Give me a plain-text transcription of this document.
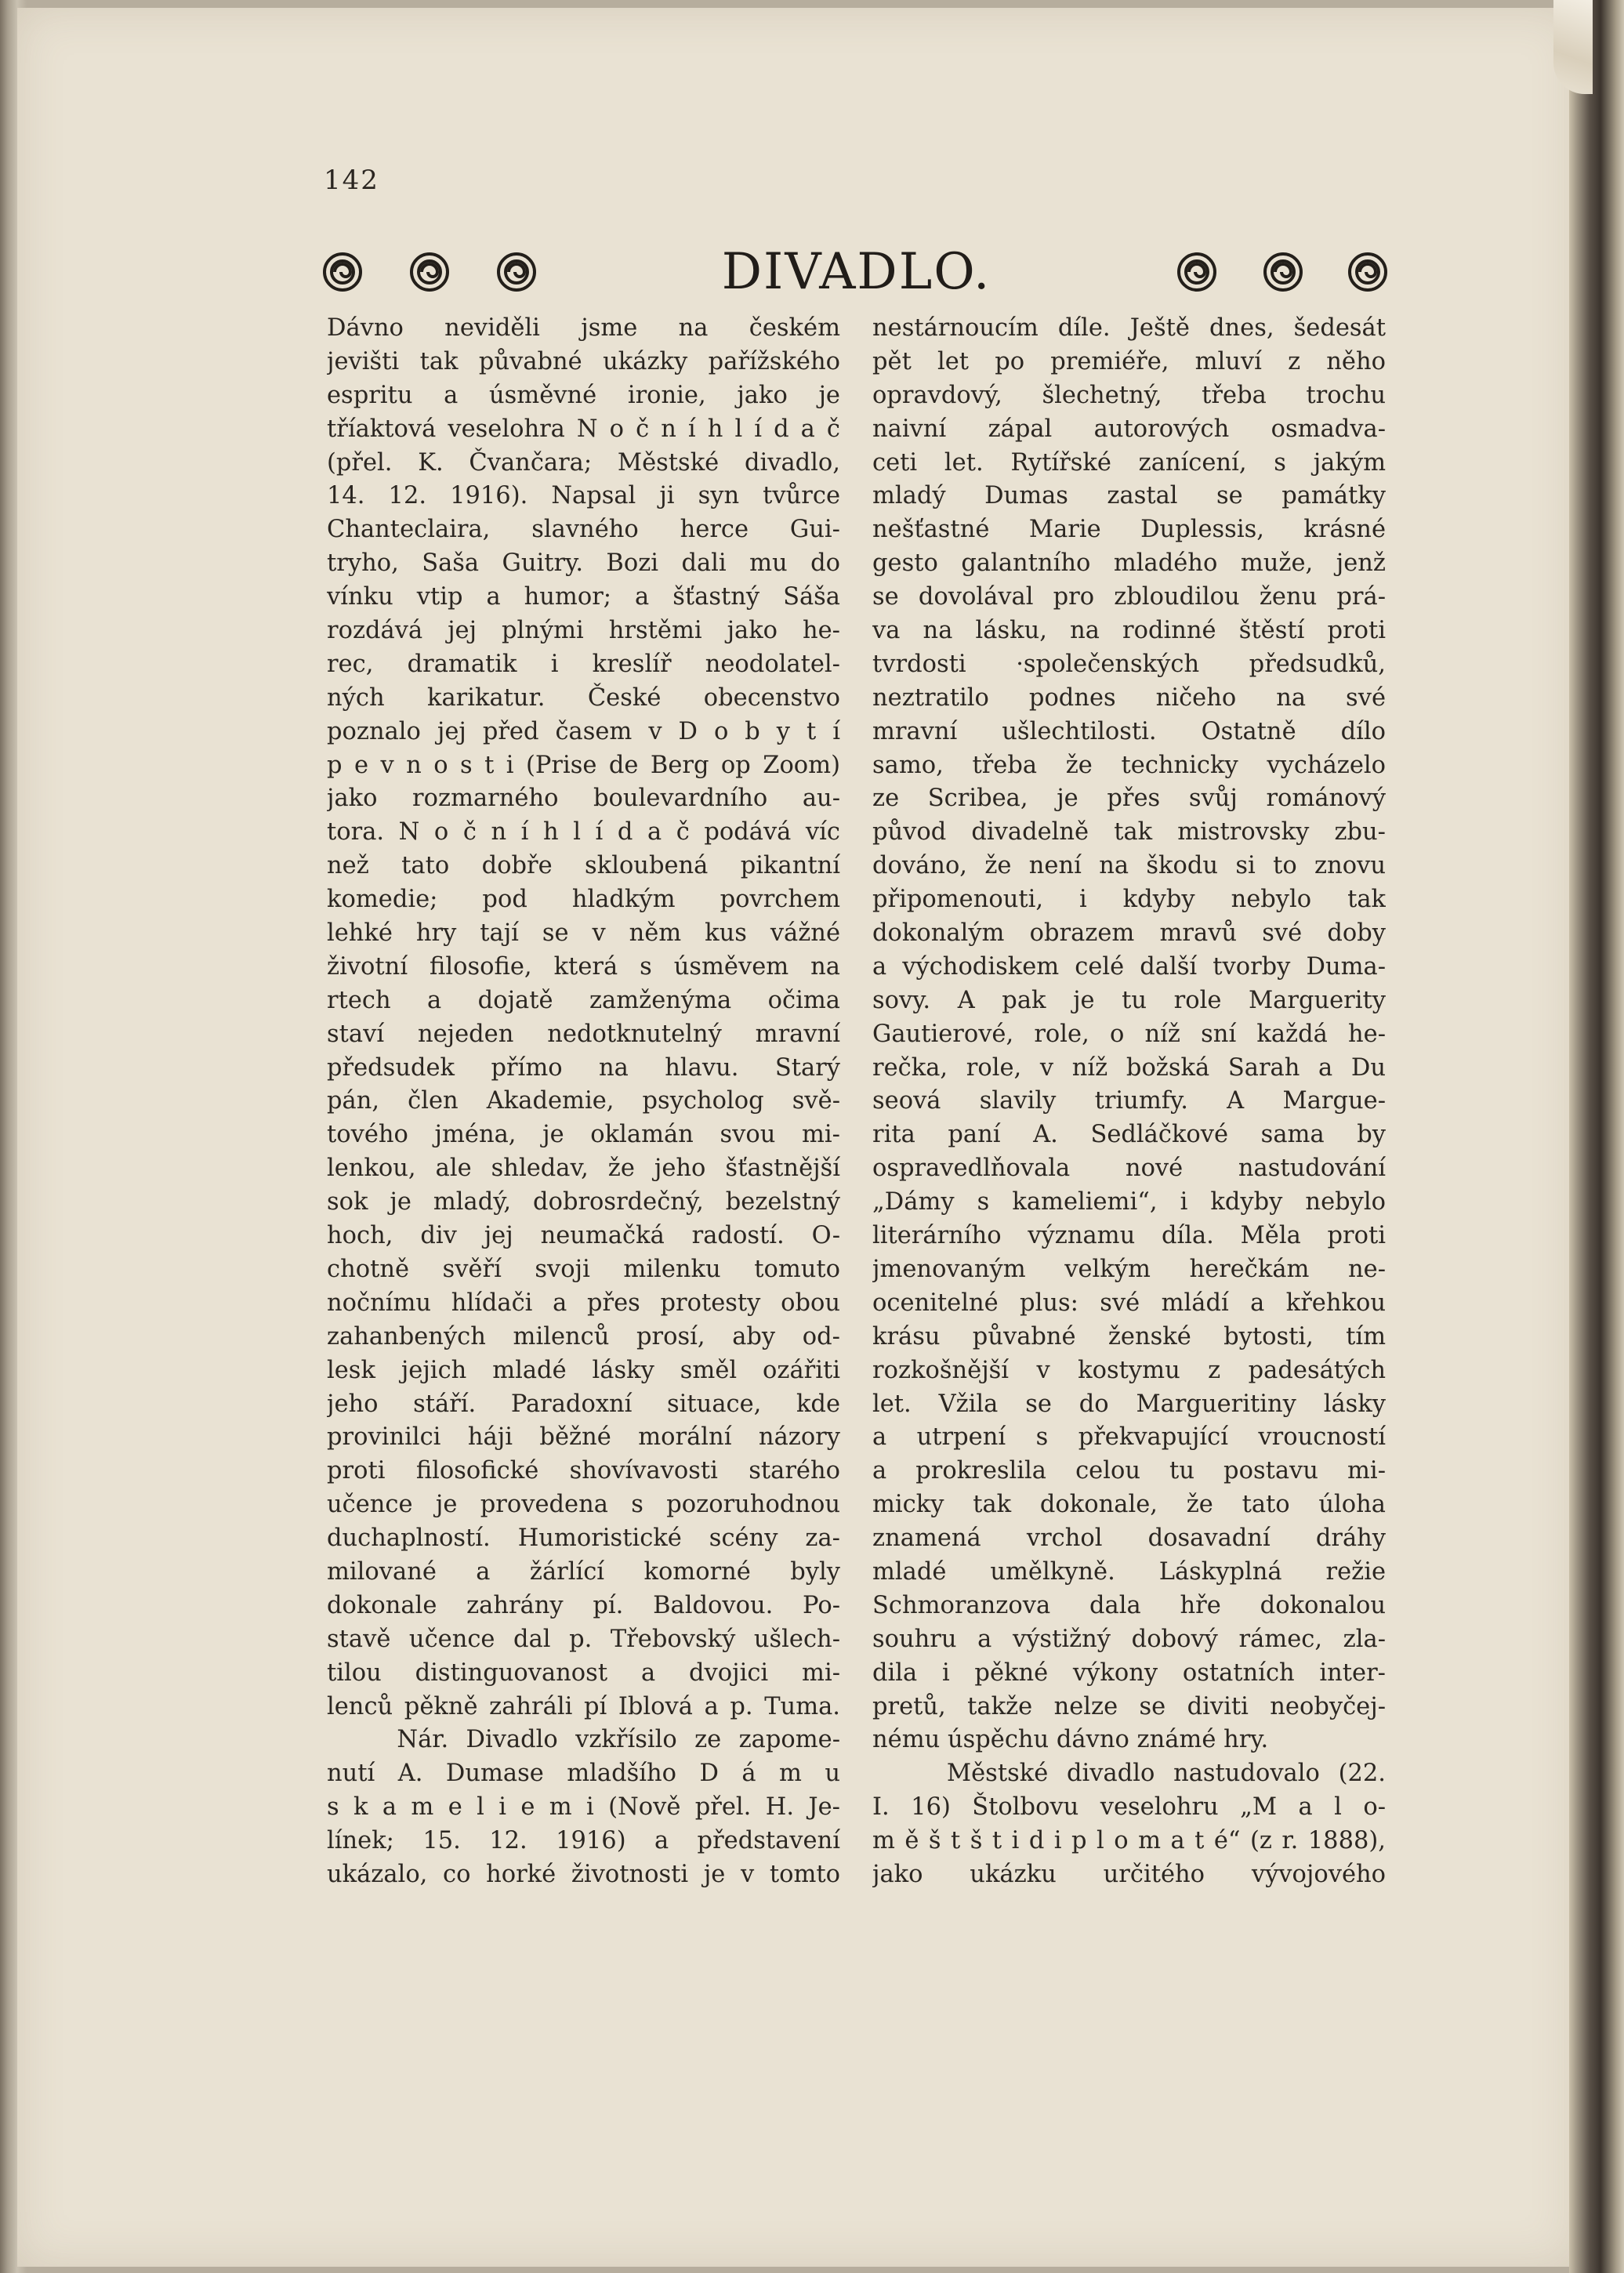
142
DIVADLO.
Dávno neviděli jsme na českém
jevišti tak půvabné ukázky pařížského
espritu a úsměvné ironie, jako je
tříaktová veselohra N o č n í h l í d a č
(přel. K. Čvančara; Městské divadlo,
14. 12. 1916). Napsal ji syn tvůrce
Chanteclaira, slavného herce Gui-
tryho, Saša Guitry. Bozi dali mu do
vínku vtip a humor; a šťastný Sáša
rozdává jej plnými hrstěmi jako he-
rec, dramatik i kreslíř neodolatel-
ných karikatur. České obecenstvo
poznalo jej před časem v D o b y t í
p e v n o s t i (Prise de Berg op Zoom)
jako rozmarného boulevardního au-
tora. N o č n í h l í d a č podává víc
než tato dobře skloubená pikantní
komedie; pod hladkým povrchem
lehké hry tají se v něm kus vážné
životní filosofie, která s úsměvem na
rtech a dojatě zamženýma očima
staví nejeden nedotknutelný mravní
předsudek přímo na hlavu. Starý
pán, člen Akademie, psycholog svě-
tového jména, je oklamán svou mi-
lenkou, ale shledav, že jeho šťastnější
sok je mladý, dobrosrdečný, bezelstný
hoch, div jej neumačká radostí. O-
chotně svěří svoji milenku tomuto
nočnímu hlídači a přes protesty obou
zahanbených milenců prosí, aby od-
lesk jejich mladé lásky směl ozářiti
jeho stáří. Paradoxní situace, kde
provinilci háji běžné morální názory
proti filosofické shovívavosti starého
učence je provedena s pozoruhodnou
duchaplností. Humoristické scény za-
milované a žárlící komorné byly
dokonale zahrány pí. Baldovou. Po-
stavě učence dal p. Třebovský ušlech-
tilou distinguovanost a dvojici mi-
lenců pěkně zahráli pí Iblová a p. Tuma.
Nár. Divadlo vzkřísilo ze zapome-
nutí A. Dumase mladšího D á m u
s k a m e l i e m i (Nově přel. H. Je-
línek; 15. 12. 1916) a představení
ukázalo, co horké životnosti je v tomto
nestárnoucím díle. Ještě dnes, šedesát
pět let po premiéře, mluví z něho
opravdový, šlechetný, třeba trochu
naivní zápal autorových osmadva-
ceti let. Rytířské zanícení, s jakým
mladý Dumas zastal se památky
nešťastné Marie Duplessis, krásné
gesto galantního mladého muže, jenž
se dovolával pro zbloudilou ženu prá-
va na lásku, na rodinné štěstí proti
tvrdosti ·společenských předsudků,
neztratilo podnes ničeho na své
mravní ušlechtilosti. Ostatně dílo
samo, třeba že technicky vycházelo
ze Scribea, je přes svůj románový
původ divadelně tak mistrovsky zbu-
dováno, že není na škodu si to znovu
připomenouti, i kdyby nebylo tak
dokonalým obrazem mravů své doby
a východiskem celé další tvorby Duma-
sovy. A pak je tu role Marguerity
Gautierové, role, o níž sní každá he-
rečka, role, v níž božská Sarah a Du
seová slavily triumfy. A Margue-
rita paní A. Sedláčkové sama by
ospravedlňovala nové nastudování
„Dámy s kameliemi“, i kdyby nebylo
literárního významu díla. Měla proti
jmenovaným velkým herečkám ne-
ocenitelné plus: své mládí a křehkou
krásu půvabné ženské bytosti, tím
rozkošnější v kostymu z padesátých
let. Vžila se do Margueritiny lásky
a utrpení s překvapující vroucností
a prokreslila celou tu postavu mi-
micky tak dokonale, že tato úloha
znamená vrchol dosavadní dráhy
mladé umělkyně. Láskyplná režie
Schmoranzova dala hře dokonalou
souhru a výstižný dobový rámec, zla-
dila i pěkné výkony ostatních inter-
pretů, takže nelze se diviti neobyčej-
nému úspěchu dávno známé hry.
Městské divadlo nastudovalo (22.
I. 16) Štolbovu veselohru „M a l o-
m ě š t š t i d i p l o m a t é“ (z r. 1888),
jako ukázku určitého vývojového
